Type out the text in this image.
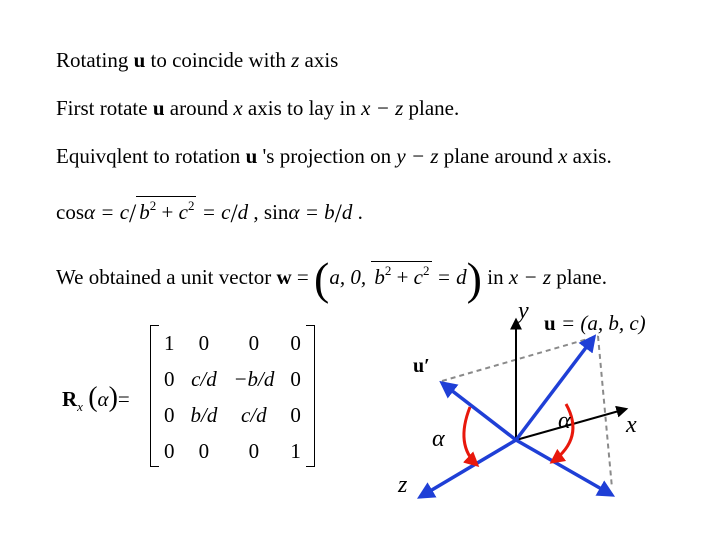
Rotating u to coincide with z axis
First rotate u around x axis to lay in x − z plane.
Equivqlent to rotation u 's projection on y − z plane around x axis.
cosα = c/ $b^2 + c^2 = c/d$ , sinα = b/d .
We obtained a unit vector w = (a, 0, $b^2 + c^2 = d$) in x − z plane.
$R_x$ (α)=
1	0	0	0
0	c/d	−b/d	0
0	b/d	c/d	0
0	0	0	1
y
x
z
u′
u = (a, b, c)
α
α
